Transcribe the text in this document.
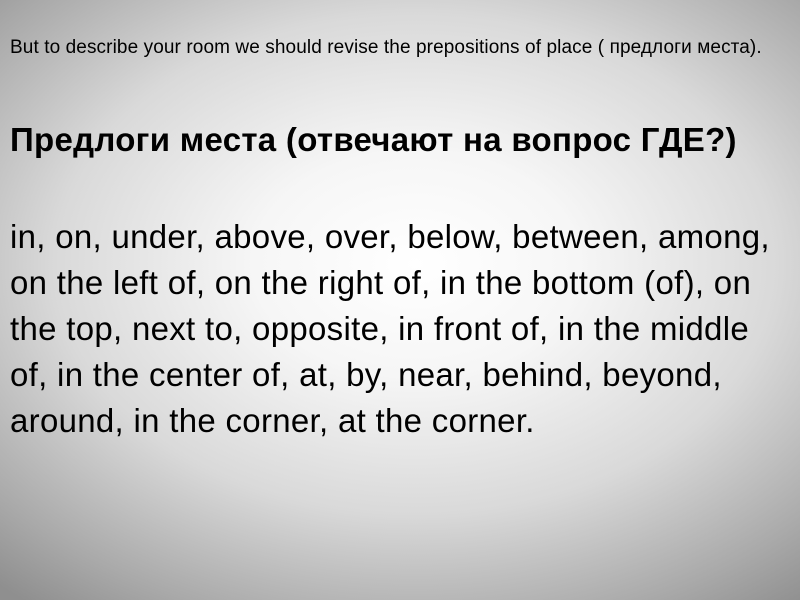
But to describe your room we should revise the prepositions of place ( предлоги места).

Предлоги места (отвечают на вопрос ГДЕ?)

in, on, under, above, over, below, between, among, on the left of, on the right of, in the bottom (of), on the top, next to, opposite, in front of, in the middle of, in the center of, at, by, near, behind, beyond, around, in the corner, at the corner.
